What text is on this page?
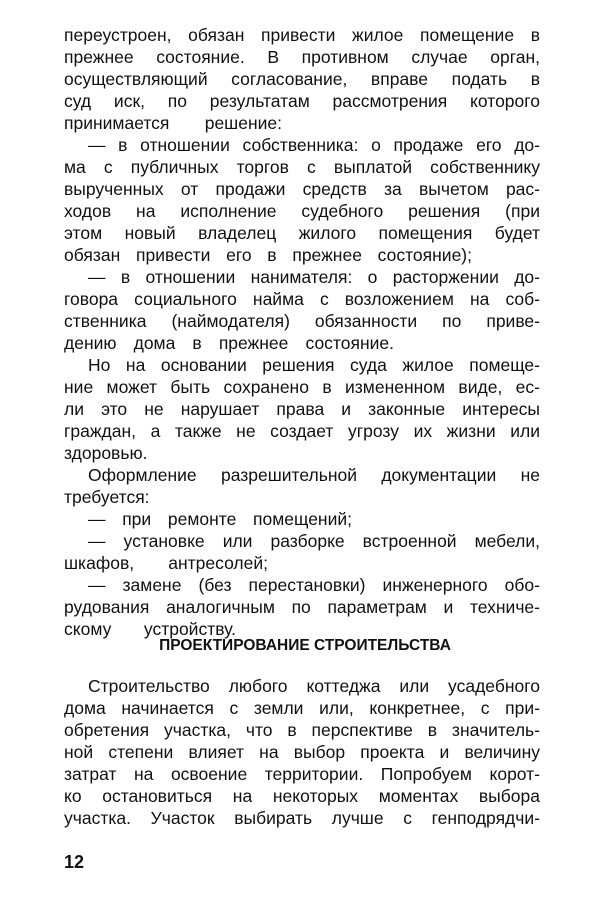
переустроен, обязан привести жилое помещение в
прежнее состояние. В противном случае орган,
осуществляющий согласование, вправе подать в
суд иск, по результатам рассмотрения которого
принимается решение:
— в отношении собственника: о продаже его до-
ма с публичных торгов с выплатой собственнику
вырученных от продажи средств за вычетом рас-
ходов на исполнение судебного решения (при
этом новый владелец жилого помещения будет
обязан привести его в прежнее состояние);
— в отношении нанимателя: о расторжении до-
говора социального найма с возложением на соб-
ственника (наймодателя) обязанности по приве-
дению дома в прежнее состояние.
Но на основании решения суда жилое помеще-
ние может быть сохранено в измененном виде, ес-
ли это не нарушает права и законные интересы
граждан, а также не создает угрозу их жизни или
здоровью.
Оформление разрешительной документации не
требуется:
— при ремонте помещений;
— установке или разборке встроенной мебели,
шкафов, антресолей;
— замене (без перестановки) инженерного обо-
рудования аналогичным по параметрам и техниче-
скому устройству.
ПРОЕКТИРОВАНИЕ СТРОИТЕЛЬСТВА
Строительство любого коттеджа или усадебного
дома начинается с земли или, конкретнее, с при-
обретения участка, что в перспективе в значитель-
ной степени влияет на выбор проекта и величину
затрат на освоение территории. Попробуем корот-
ко остановиться на некоторых моментах выбора
участка. Участок выбирать лучше с генподрядчи-
12
